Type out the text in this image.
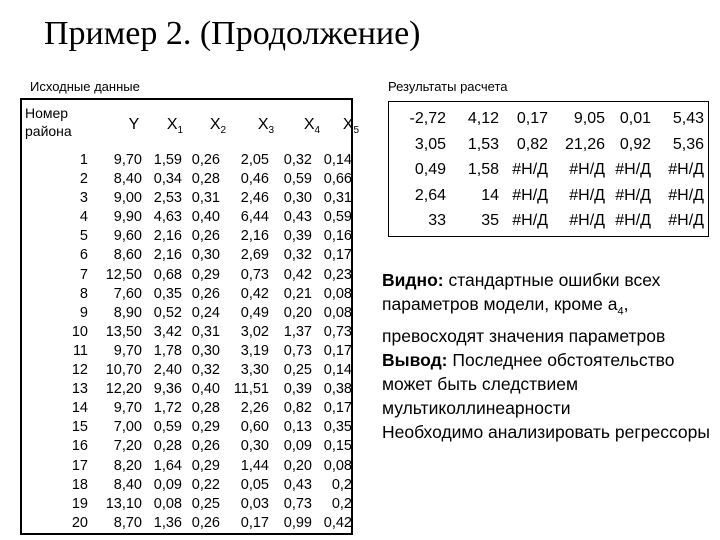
Пример 2. (Продолжение)
Исходные данные	Результаты расчета
Номер района	Y	$X_1$	$X_2$	$X_3$	$X_4$	$X_5$
1 9,70 1,59 0,26 2,05 0,32 0,14
2 8,40 0,34 0,28 0,46 0,59 0,66
3 9,00 2,53 0,31 2,46 0,30 0,31
4 9,90 4,63 0,40 6,44 0,43 0,59
5 9,60 2,16 0,26 2,16 0,39 0,16
6 8,60 2,16 0,30 2,69 0,32 0,17
7 12,50 0,68 0,29 0,73 0,42 0,23
8 7,60 0,35 0,26 0,42 0,21 0,08
9 8,90 0,52 0,24 0,49 0,20 0,08
10 13,50 3,42 0,31 3,02 1,37 0,73
11 9,70 1,78 0,30 3,19 0,73 0,17
12 10,70 2,40 0,32 3,30 0,25 0,14
13 12,20 9,36 0,40 11,51 0,39 0,38
14 9,70 1,72 0,28 2,26 0,82 0,17
15 7,00 0,59 0,29 0,60 0,13 0,35
16 7,20 0,28 0,26 0,30 0,09 0,15
17 8,20 1,64 0,29 1,44 0,20 0,08
18 8,40 0,09 0,22 0,05 0,43 0,2
19 13,10 0,08 0,25 0,03 0,73 0,2
20 8,70 1,36 0,26 0,17 0,99 0,42
-2,72 4,12 0,17 9,05 0,01 5,43
3,05 1,53 0,82 21,26 0,92 5,36
0,49 1,58 #Н/Д #Н/Д #Н/Д #Н/Д
2,64 14 #Н/Д #Н/Д #Н/Д #Н/Д
33 35 #Н/Д #Н/Д #Н/Д #Н/Д
Видно: стандартные ошибки всех параметров модели, кроме $а_4$, превосходят значения параметров
Вывод: Последнее обстоятельство может быть следствием мультиколлинеарности
Необходимо анализировать регрессоры
